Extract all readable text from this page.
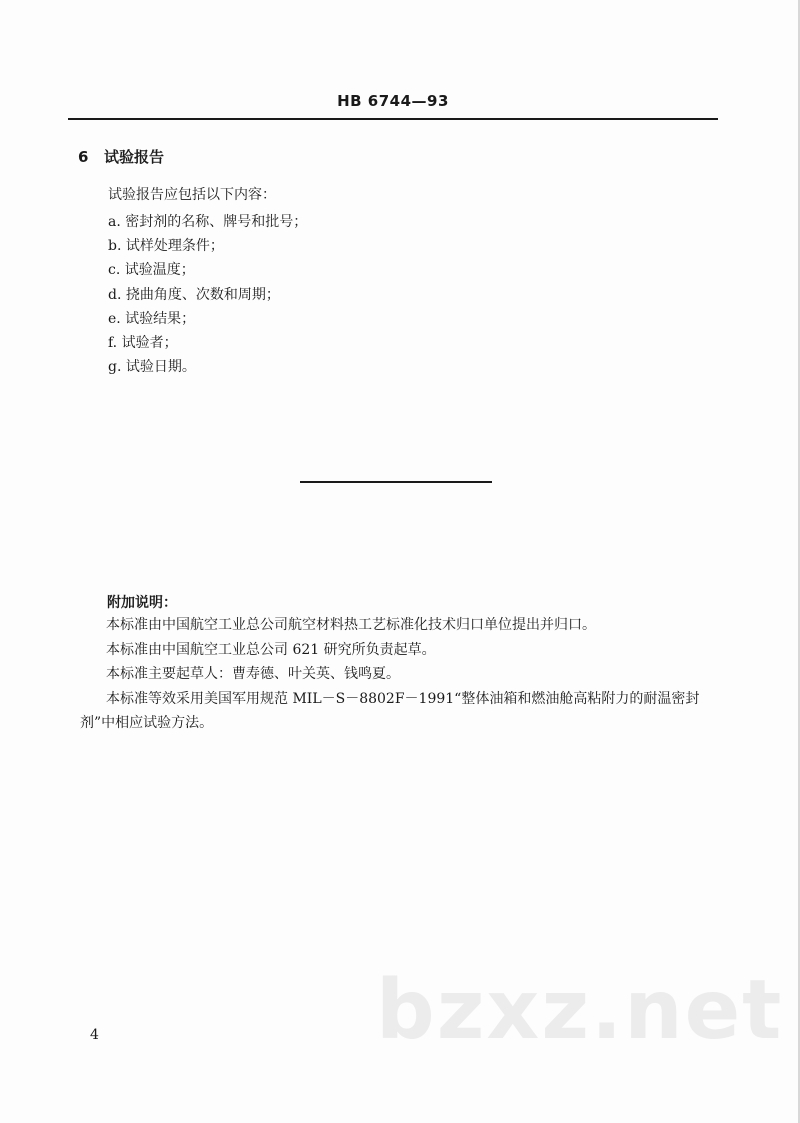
HB 6744—93
6 试验报告
试验报告应包括以下内容：
a. 密封剂的名称、牌号和批号；
b. 试样处理条件；
c. 试验温度；
d. 挠曲角度、次数和周期；
e. 试验结果；
f. 试验者；
g. 试验日期。
附加说明：

本标准由中国航空工业总公司航空材料热工艺标准化技术归口单位提出并归口。

本标准由中国航空工业总公司 621 研究所负责起草。

本标准主要起草人：曹寿德、叶关英、钱鸣夏。

本标准等效采用美国军用规范 MIL－S－8802F－1991“整体油箱和燃油舱高粘附力的耐温密封剂”中相应试验方法。

4	bzxz.net
